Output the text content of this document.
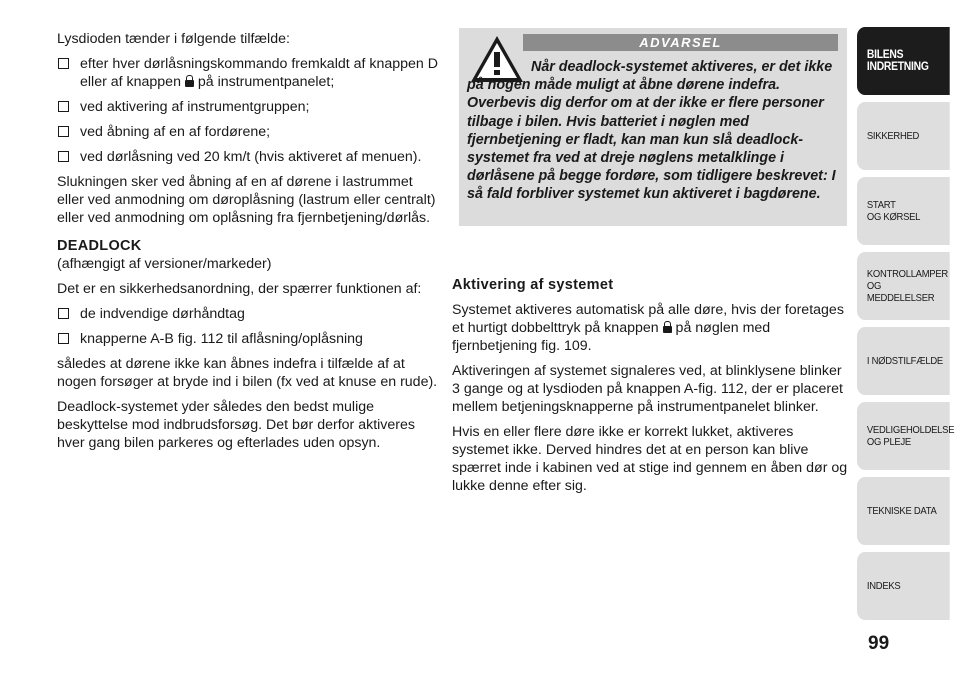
Lysdioden tænder i følgende tilfælde:

efter hver dørlåsningskommando fremkaldt af knappen D eller af knappen  på instrumentpanelet;
ved aktivering af instrumentgruppen;
ved åbning af en af fordørene;
ved dørlåsning ved 20 km/t (hvis aktiveret af menuen).

Slukningen sker ved åbning af en af dørene i lastrummet eller ved anmodning om døroplåsning (lastrum eller centralt) eller ved anmodning om oplåsning fra fjernbetjening/dørlås.

DEADLOCK
(afhængigt af versioner/markeder)

Det er en sikkerhedsanordning, der spærrer funktionen af:

de indvendige dørhåndtag
knapperne A-B fig. 112 til aflåsning/oplåsning

således at dørene ikke kan åbnes indefra i tilfælde af at nogen forsøger at bryde ind i bilen (fx ved at knuse en rude).

Deadlock-systemet yder således den bedst mulige beskyttelse mod indbrudsforsøg. Det bør derfor aktiveres hver gang bilen parkeres og efterlades uden opsyn.

ADVARSEL
Når deadlock-systemet aktiveres, er det ikke på nogen måde muligt at åbne dørene indefra. Overbevis dig derfor om at der ikke er flere personer tilbage i bilen. Hvis batteriet i nøglen med fjernbetjening er fladt, kan man kun slå deadlock-systemet fra ved at dreje nøglens metalklinge i dørlåsene på begge fordøre, som tidligere beskrevet: I så fald forbliver systemet kun aktiveret i bagdørene.
Aktivering af systemet

Systemet aktiveres automatisk på alle døre, hvis der foretages et hurtigt dobbelttryk på knappen  på nøglen med fjernbetjening fig. 109.

Aktiveringen af systemet signaleres ved, at blinklysene blinker 3 gange og at lysdioden på knappen A-fig. 112, der er placeret mellem betjeningsknapperne på instrumentpanelet blinker.

Hvis en eller flere døre ikke er korrekt lukket, aktiveres systemet ikke. Derved hindres det at en person kan blive spærret inde i kabinen ved at stige ind gennem en åben dør og lukke denne efter sig.

BILENS
INDRETNING
SIKKERHED
START
OG KØRSEL
KONTROLLAMPER
OG MEDDELELSER
I NØDSTILFÆLDE
VEDLIGEHOLDELSE
OG PLEJE
TEKNISKE DATA
INDEKS
99
